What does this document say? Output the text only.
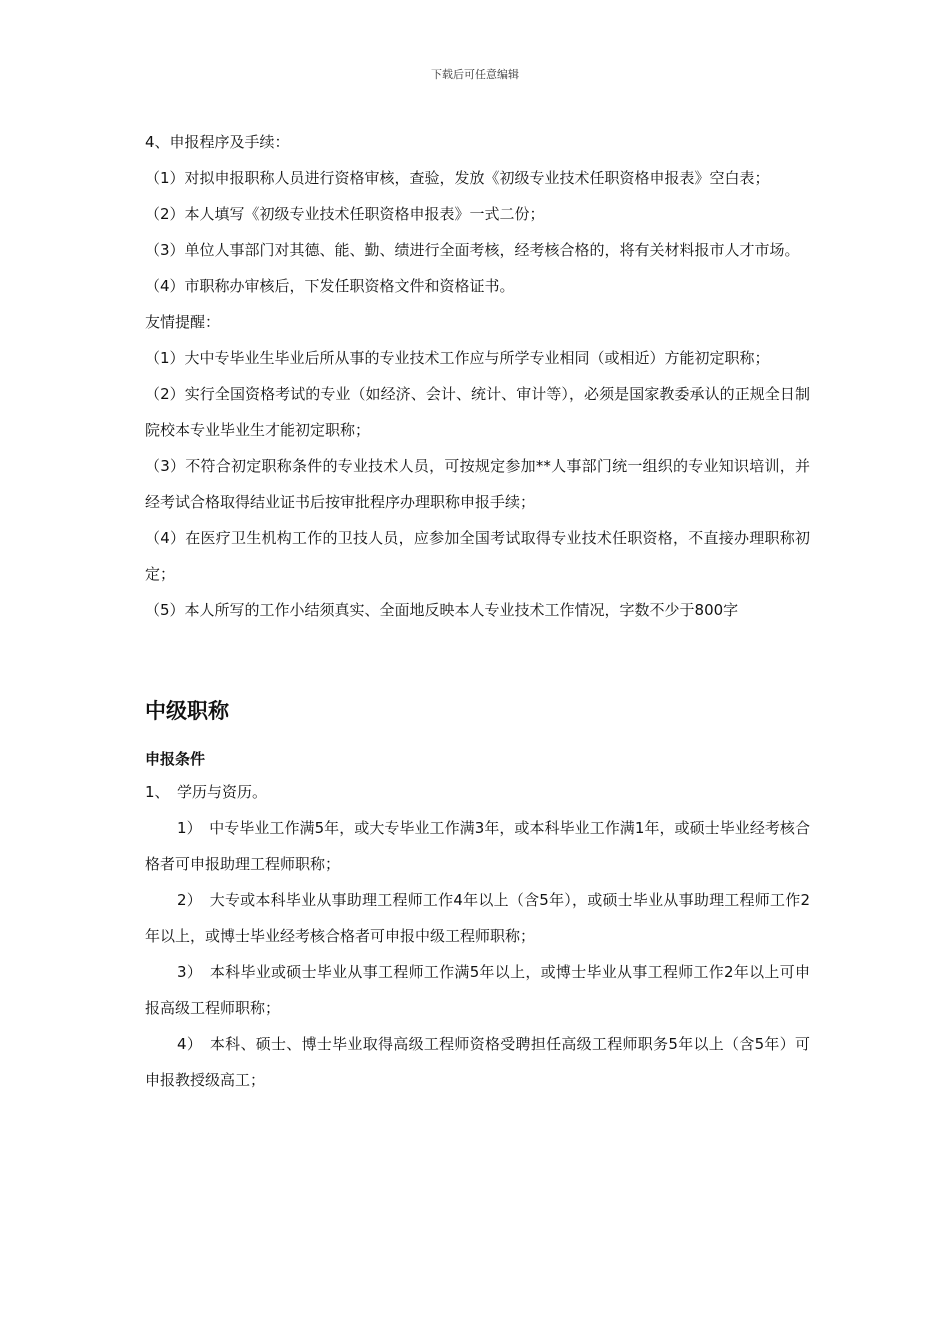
下载后可任意编辑

4、申报程序及手续：

（1）对拟申报职称人员进行资格审核，查验，发放《初级专业技术任职资格申报表》空白表；

（2）本人填写《初级专业技术任职资格申报表》一式二份；

（3）单位人事部门对其德、能、勤、绩进行全面考核，经考核合格的，将有关材料报市人才市场。

（4）市职称办审核后，下发任职资格文件和资格证书。

友情提醒：

（1）大中专毕业生毕业后所从事的专业技术工作应与所学专业相同（或相近）方能初定职称；

（2）实行全国资格考试的专业（如经济、会计、统计、审计等），必须是国家教委承认的正规全日制院校本专业毕业生才能初定职称；

（3）不符合初定职称条件的专业技术人员，可按规定参加**人事部门统一组织的专业知识培训，并经考试合格取得结业证书后按审批程序办理职称申报手续；

（4）在医疗卫生机构工作的卫技人员，应参加全国考试取得专业技术任职资格，不直接办理职称初定；

（5）本人所写的工作小结须真实、全面地反映本人专业技术工作情况，字数不少于800字

中级职称

申报条件

1、　学历与资历。

1）　中专毕业工作满5年，或大专毕业工作满3年，或本科毕业工作满1年，或硕士毕业经考核合格者可申报助理工程师职称；

2）　大专或本科毕业从事助理工程师工作4年以上（含5年），或硕士毕业从事助理工程师工作2年以上，或博士毕业经考核合格者可申报中级工程师职称；

3）　本科毕业或硕士毕业从事工程师工作满5年以上，或博士毕业从事工程师工作2年以上可申报高级工程师职称；

4）　本科、硕士、博士毕业取得高级工程师资格受聘担任高级工程师职务5年以上（含5年）可申报教授级高工；
